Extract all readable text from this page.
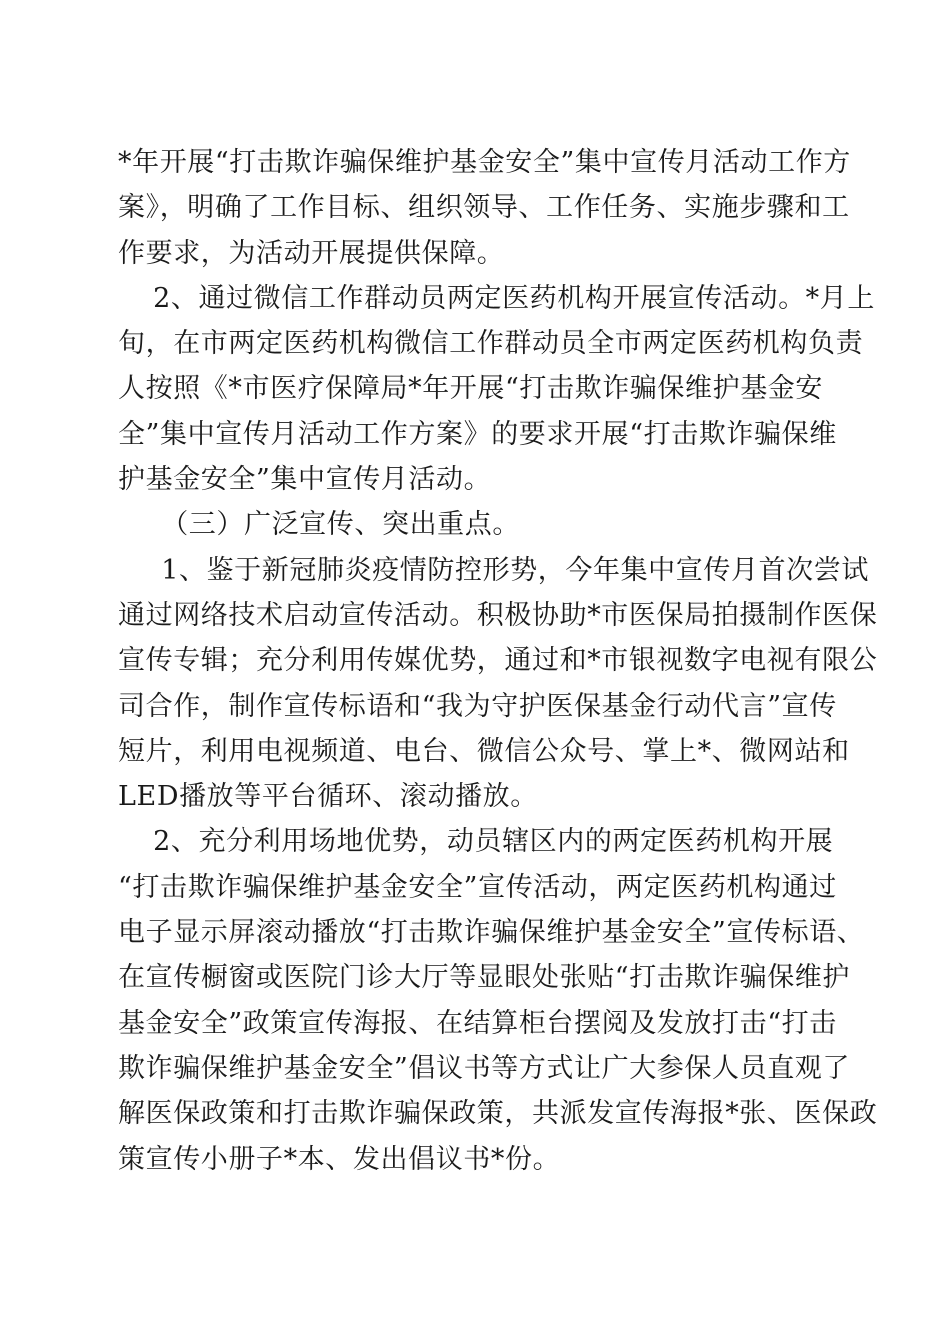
*年开展“打击欺诈骗保维护基金安全”集中宣传月活动工作方
案》，明确了工作目标、组织领导、工作任务、实施步骤和工
作要求，为活动开展提供保障。

2、通过微信工作群动员两定医药机构开展宣传活动。*月上
旬，在市两定医药机构微信工作群动员全市两定医药机构负责
人按照《*市医疗保障局*年开展“打击欺诈骗保维护基金安
全”集中宣传月活动工作方案》的要求开展“打击欺诈骗保维
护基金安全”集中宣传月活动。

（三）广泛宣传、突出重点。

1、鉴于新冠肺炎疫情防控形势，今年集中宣传月首次尝试
通过网络技术启动宣传活动。积极协助*市医保局拍摄制作医保
宣传专辑；充分利用传媒优势，通过和*市银视数字电视有限公
司合作，制作宣传标语和“我为守护医保基金行动代言”宣传
短片，利用电视频道、电台、微信公众号、掌上*、微网站和
LED播放等平台循环、滚动播放。

2、充分利用场地优势，动员辖区内的两定医药机构开展
“打击欺诈骗保维护基金安全”宣传活动，两定医药机构通过
电子显示屏滚动播放“打击欺诈骗保维护基金安全”宣传标语、
在宣传橱窗或医院门诊大厅等显眼处张贴“打击欺诈骗保维护
基金安全”政策宣传海报、在结算柜台摆阅及发放打击“打击
欺诈骗保维护基金安全”倡议书等方式让广大参保人员直观了
解医保政策和打击欺诈骗保政策，共派发宣传海报*张、医保政
策宣传小册子*本、发出倡议书*份。
